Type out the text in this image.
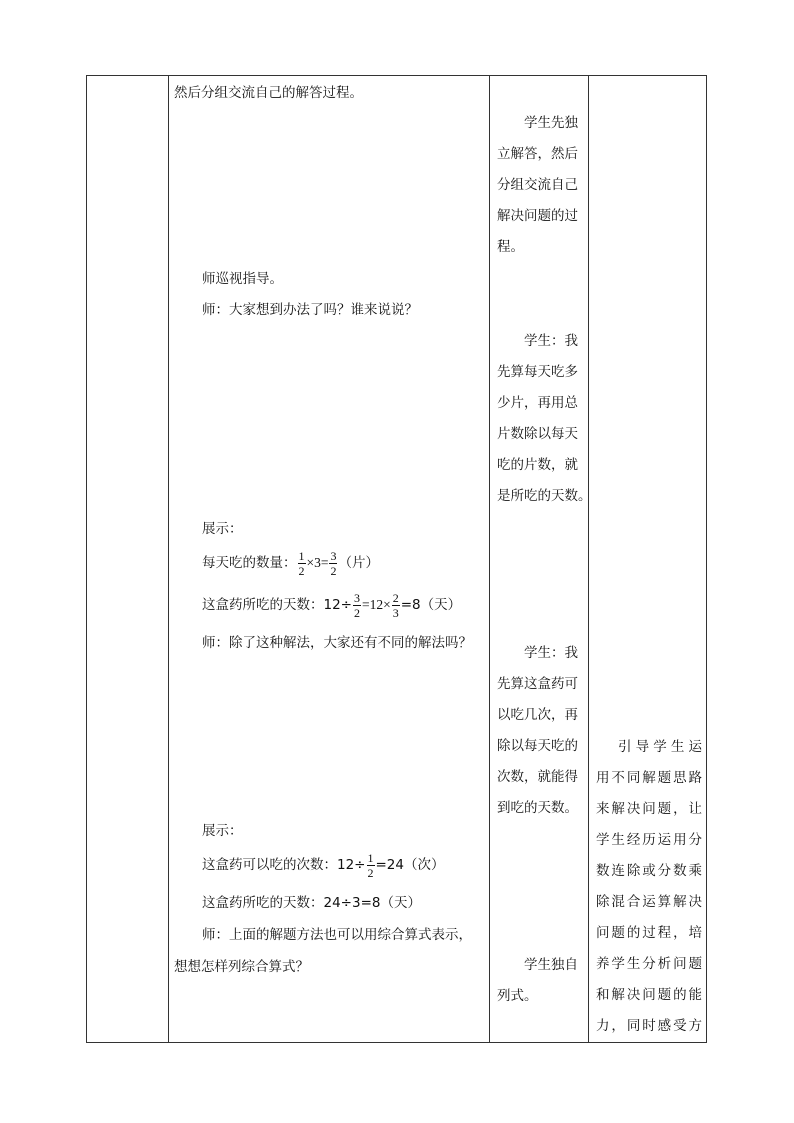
然后分组交流自己的解答过程。
师巡视指导。
师：大家想到办法了吗？谁来说说？
展示：
每天吃的数量： $\frac{1}{2} \times 3= \frac{3}{2}$ （片）
这盒药所吃的天数：$12\div \frac{3}{2} =12\times \frac{2}{3} =8$（天）
师：除了这种解法，大家还有不同的解法吗？
展示：
这盒药可以吃的次数：$12\div \frac{1}{2} =24$（次）
这盒药所吃的天数：24÷3=8（天）
师：上面的解题方法也可以用综合算式表示，
想想怎样列综合算式？
学生先独
立解答，然后
分组交流自己
解决问题的过
程。
学生：我
先算每天吃多
少片，再用总
片数除以每天
吃的片数，就
是所吃的天数。
学生：我
先算这盒药可
以吃几次，再
除以每天吃的
次数，就能得
到吃的天数。
学生独自
列式。
引导学生运
用不同解题思路
来解决问题，让
学生经历运用分
数连除或分数乘
除混合运算解决
问题的过程，培
养学生分析问题
和解决问题的能
力，同时感受方
